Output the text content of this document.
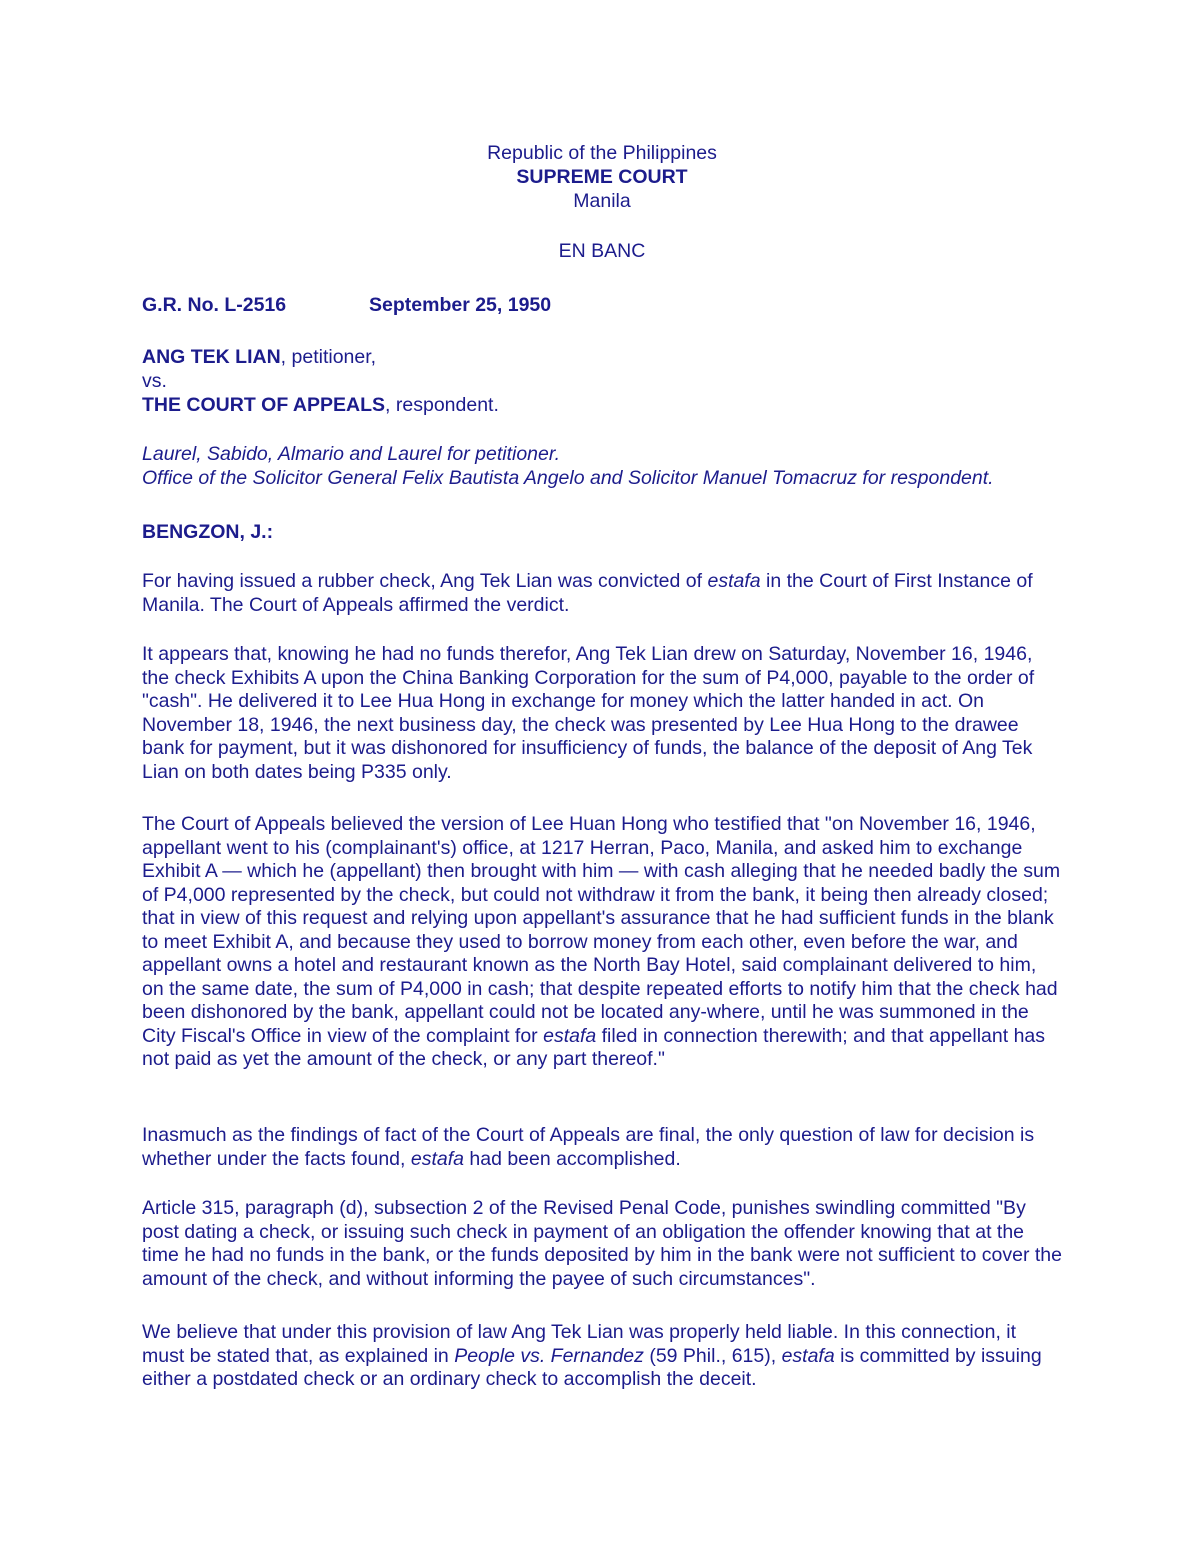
Republic of the Philippines
SUPREME COURT
Manila
EN BANC
G.R. No. L-2516	September 25, 1950
ANG TEK LIAN, petitioner,
vs.
THE COURT OF APPEALS, respondent.
Laurel, Sabido, Almario and Laurel for petitioner.
Office of the Solicitor General Felix Bautista Angelo and Solicitor Manuel Tomacruz for respondent.
BENGZON, J.:

For having issued a rubber check, Ang Tek Lian was convicted of estafa in the Court of First Instance of Manila. The Court of Appeals affirmed the verdict.

It appears that, knowing he had no funds therefor, Ang Tek Lian drew on Saturday, November 16, 1946, the check Exhibits A upon the China Banking Corporation for the sum of P4,000, payable to the order of "cash". He delivered it to Lee Hua Hong in exchange for money which the latter handed in act. On November 18, 1946, the next business day, the check was presented by Lee Hua Hong to the drawee bank for payment, but it was dishonored for insufficiency of funds, the balance of the deposit of Ang Tek Lian on both dates being P335 only.

The Court of Appeals believed the version of Lee Huan Hong who testified that "on November 16, 1946, appellant went to his (complainant's) office, at 1217 Herran, Paco, Manila, and asked him to exchange Exhibit A — which he (appellant) then brought with him — with cash alleging that he needed badly the sum of P4,000 represented by the check, but could not withdraw it from the bank, it being then already closed; that in view of this request and relying upon appellant's assurance that he had sufficient funds in the blank to meet Exhibit A, and because they used to borrow money from each other, even before the war, and appellant owns a hotel and restaurant known as the North Bay Hotel, said complainant delivered to him, on the same date, the sum of P4,000 in cash; that despite repeated efforts to notify him that the check had been dishonored by the bank, appellant could not be located any-where, until he was summoned in the City Fiscal's Office in view of the complaint for estafa filed in connection therewith; and that appellant has not paid as yet the amount of the check, or any part thereof."

Inasmuch as the findings of fact of the Court of Appeals are final, the only question of law for decision is whether under the facts found, estafa had been accomplished.

Article 315, paragraph (d), subsection 2 of the Revised Penal Code, punishes swindling committed "By post dating a check, or issuing such check in payment of an obligation the offender knowing that at the time he had no funds in the bank, or the funds deposited by him in the bank were not sufficient to cover the amount of the check, and without informing the payee of such circumstances".

We believe that under this provision of law Ang Tek Lian was properly held liable. In this connection, it must be stated that, as explained in People vs. Fernandez (59 Phil., 615), estafa is committed by issuing either a postdated check or an ordinary check to accomplish the deceit.
